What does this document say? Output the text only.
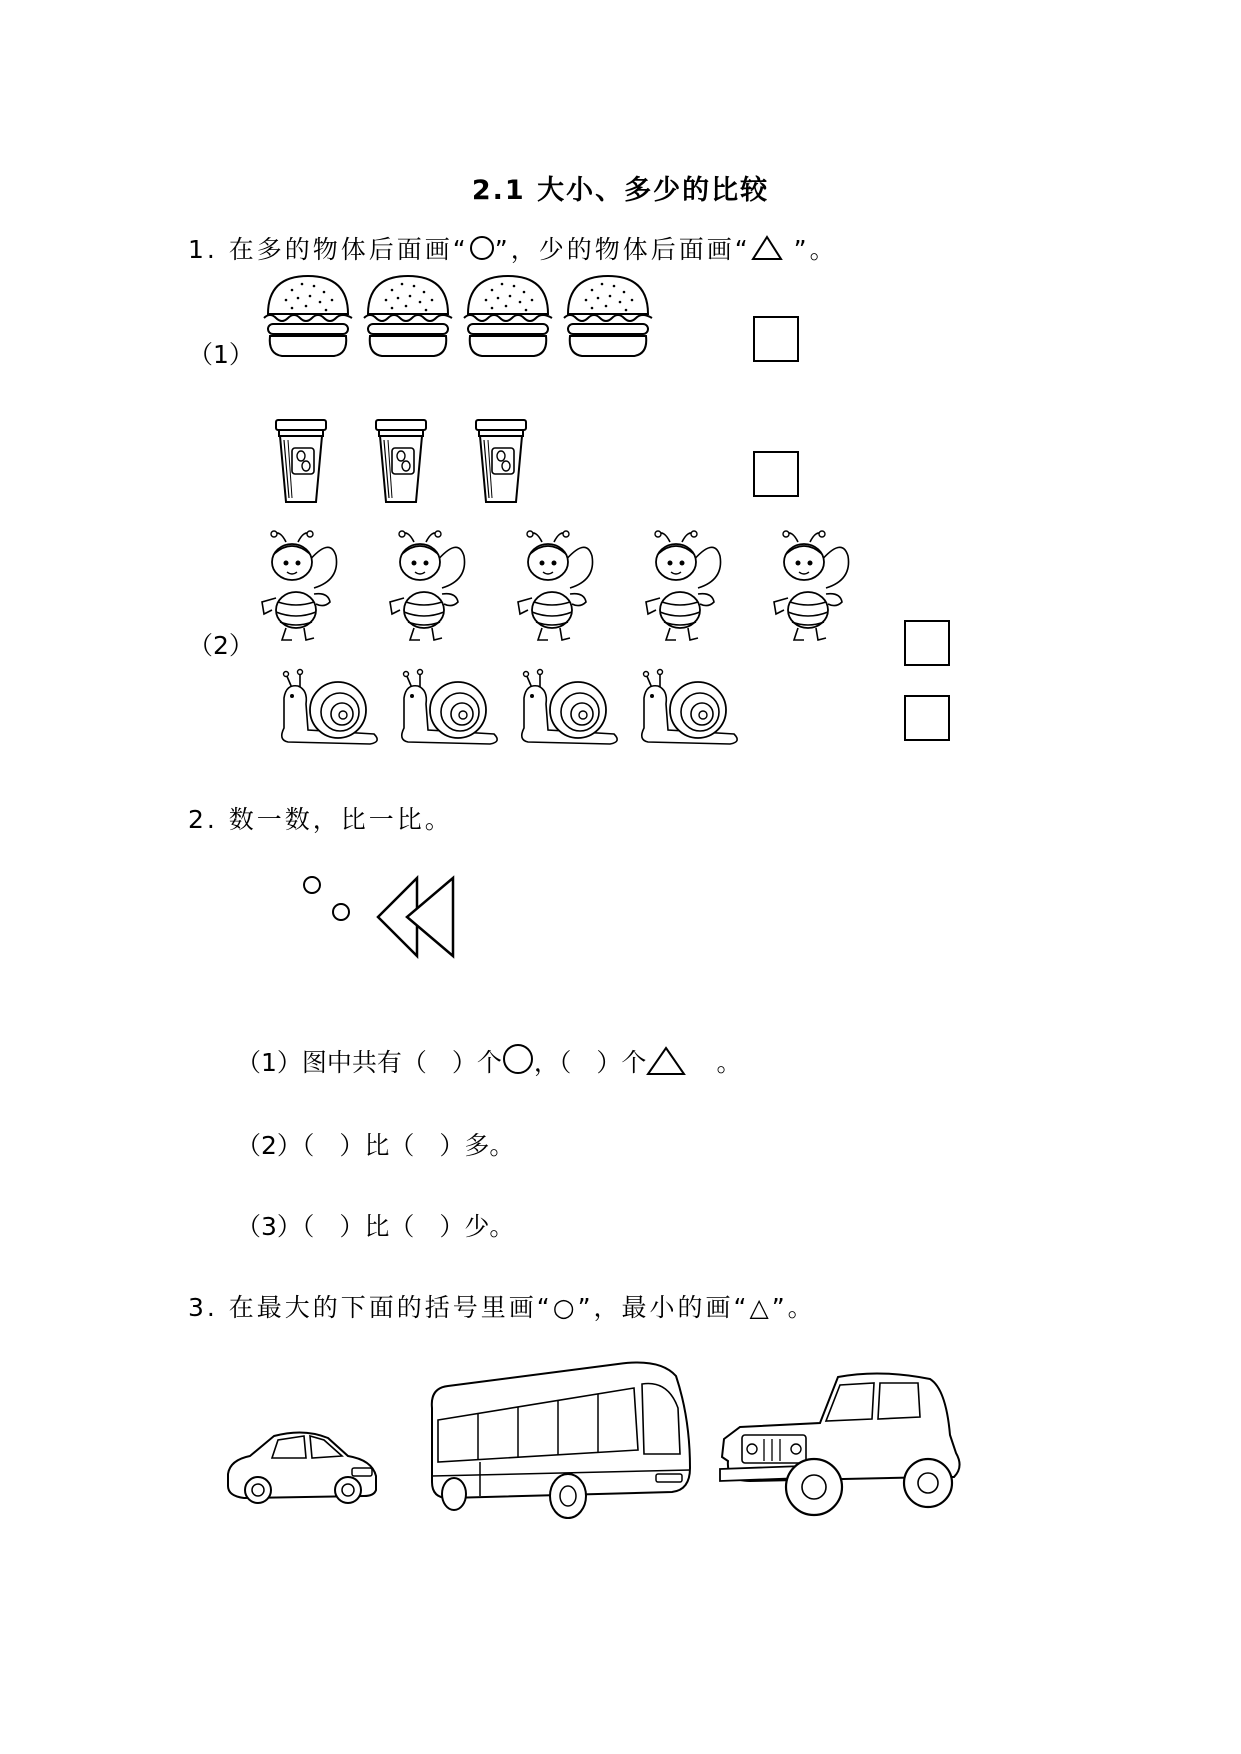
2.1 大小、多少的比较
1. 在多的物体后面画“ ”，少的物体后面画“ ”。
（1）
（2）
2. 数一数，比一比。
（1）图中共有（　）个 ，（　）个	。
（2）（　）比（　）多。
（3）（　）比（　）少。
3. 在最大的下面的括号里画“○”，最小的画“△”。
